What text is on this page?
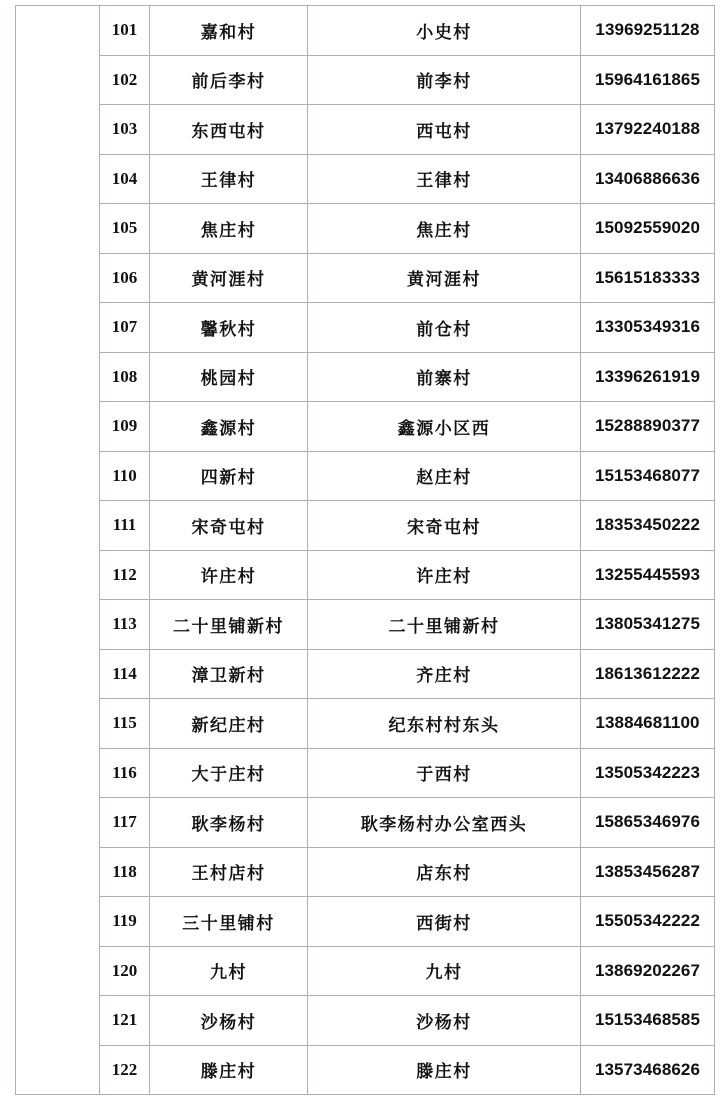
	101	嘉和村	小史村	13969251128
	102	前后李村	前李村	15964161865
	103	东西屯村	西屯村	13792240188
	104	王律村	王律村	13406886636
	105	焦庄村	焦庄村	15092559020
	106	黄河涯村	黄河涯村	15615183333
	107	馨秋村	前仓村	13305349316
	108	桃园村	前寨村	13396261919
	109	鑫源村	鑫源小区西	15288890377
	110	四新村	赵庄村	15153468077
	111	宋奇屯村	宋奇屯村	18353450222
	112	许庄村	许庄村	13255445593
	113	二十里铺新村	二十里铺新村	13805341275
	114	漳卫新村	齐庄村	18613612222
	115	新纪庄村	纪东村村东头	13884681100
	116	大于庄村	于西村	13505342223
	117	耿李杨村	耿李杨村办公室西头	15865346976
	118	王村店村	店东村	13853456287
	119	三十里铺村	西街村	15505342222
	120	九村	九村	13869202267
	121	沙杨村	沙杨村	15153468585
	122	滕庄村	滕庄村	13573468626
